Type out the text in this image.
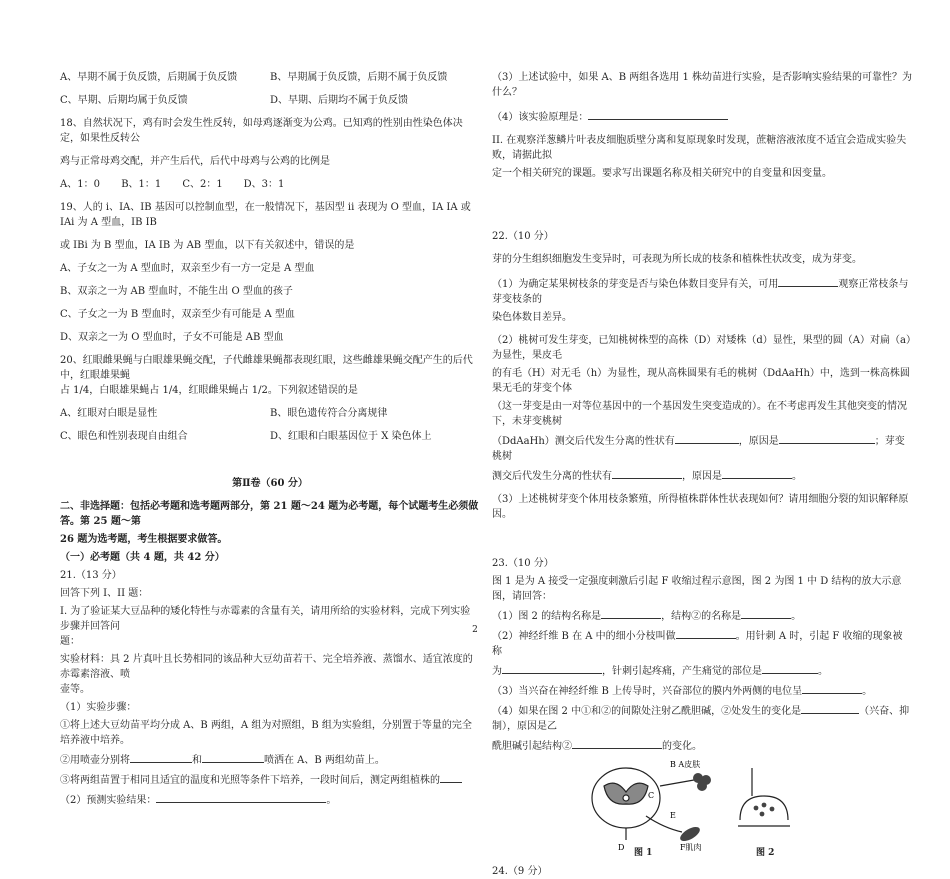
A、早期不属于负反馈，后期属于负反馈	B、早期属于负反馈，后期不属于负反馈
C、早期、后期均属于负反馈	D、早期、后期均不属于负反馈

18、自然状况下，鸡有时会发生性反转，如母鸡逐渐变为公鸡。已知鸡的性别由性染色体决定，如果性反转公

鸡与正常母鸡交配，并产生后代，后代中母鸡与公鸡的比例是

A、1：0 B、1：1 C、2：1 D、3：1

19、人的 i、IA、IB 基因可以控制血型，在一般情况下，基因型 ii 表现为 O 型血，IA IA 或 IAi 为 A 型血，IB IB

或 IBi 为 B 型血，IA IB 为 AB 型血，以下有关叙述中，错误的是

A、子女之一为 A 型血时，双亲至少有一方一定是 A 型血

B、双亲之一为 AB 型血时，不能生出 O 型血的孩子

C、子女之一为 B 型血时，双亲至少有可能是 A 型血

D、双亲之一为 O 型血时，子女不可能是 AB 型血

20、红眼雌果蝇与白眼雄果蝇交配，子代雌雄果蝇都表现红眼，这些雌雄果蝇交配产生的后代中，红眼雄果蝇

占 1/4，白眼雄果蝇占 1/4，红眼雌果蝇占 1/2。下列叙述错误的是

A、红眼对白眼是显性	B、眼色遗传符合分离规律
C、眼色和性别表现自由组合	D、红眼和白眼基因位于 X 染色体上

第Ⅱ卷（60 分）

二、非选择题：包括必考题和选考题两部分，第 21 题～24 题为必考题，每个试题考生必须做答。第 25 题～第

26 题为选考题，考生根据要求做答。

（一）必考题（共 4 题，共 42 分）

21.（13 分）

回答下列 I、II 题：

I. 为了验证某大豆品种的矮化特性与赤霉素的含量有关，请用所给的实验材料，完成下列实验步骤并回答问

题：

实验材料：具 2 片真叶且长势相同的该品种大豆幼苗若干、完全培养液、蒸馏水、适宜浓度的赤霉素溶液、喷

壶等。

（1）实验步骤：

①将上述大豆幼苗平均分成 A、B 两组，A 组为对照组，B 组为实验组，分别置于等量的完全培养液中培养。

②用喷壶分别将	和	喷洒在 A、B 两组幼苗上。

③将两组苗置于相同且适宜的温度和光照等条件下培养，一段时间后，测定两组植株的

（2）预测实验结果：	。

（3）上述试验中，如果 A、B 两组各选用 1 株幼苗进行实验，是否影响实验结果的可靠性？为什么？

（4）该实验原理是：

II. 在观察洋葱鳞片叶表皮细胞质壁分离和复原现象时发现，蔗糖溶液浓度不适宜会造成实验失败，请据此拟

定一个相关研究的课题。要求写出课题名称及相关研究中的自变量和因变量。

22.（10 分）

芽的分生组织细胞发生变异时，可表现为所长成的枝条和植株性状改变，成为芽变。

（1）为确定某果树枝条的芽变是否与染色体数目变异有关，可用	观察正常枝条与芽变枝条的

染色体数目差异。

（2）桃树可发生芽变，已知桃树株型的高株（D）对矮株（d）显性，果型的圆（A）对扁（a）为显性，果皮毛

的有毛（H）对无毛（h）为显性，现从高株圆果有毛的桃树（DdAaHh）中，选到一株高株圆果无毛的芽变个体

（这一芽变是由一对等位基因中的一个基因发生突变造成的）。在不考虑再发生其他突变的情况下，未芽变桃树

（DdAaHh）测交后代发生分离的性状有	，原因是	；芽变桃树

测交后代发生分离的性状有	，原因是	。

（3）上述桃树芽变个体用枝条繁殖，所得植株群体性状表现如何？请用细胞分裂的知识解释原因。

23.（10 分）

图 1 是为 A 接受一定强度刺激后引起 F 收缩过程示意图，图 2 为图 1 中 D 结构的放大示意图，请回答：

（1）图 2 的结构名称是	，结构②的名称是	。

（2）神经纤维 B 在 A 中的细小分枝叫做	。用针刺 A 时，引起 F 收缩的现象被称

为	，针刺引起疼痛，产生痛觉的部位是	。

（3）当兴奋在神经纤维 B 上传导时，兴奋部位的膜内外两侧的电位呈	。

（4）如果在图 2 中①和②的间隙处注射乙酰胆碱，②处发生的变化是	（兴奋、抑制），原因是乙

酰胆碱引起结构②	的变化。

B A皮肤
C
D
E
F肌肉
图 1	图 2

24.（9 分）

2
